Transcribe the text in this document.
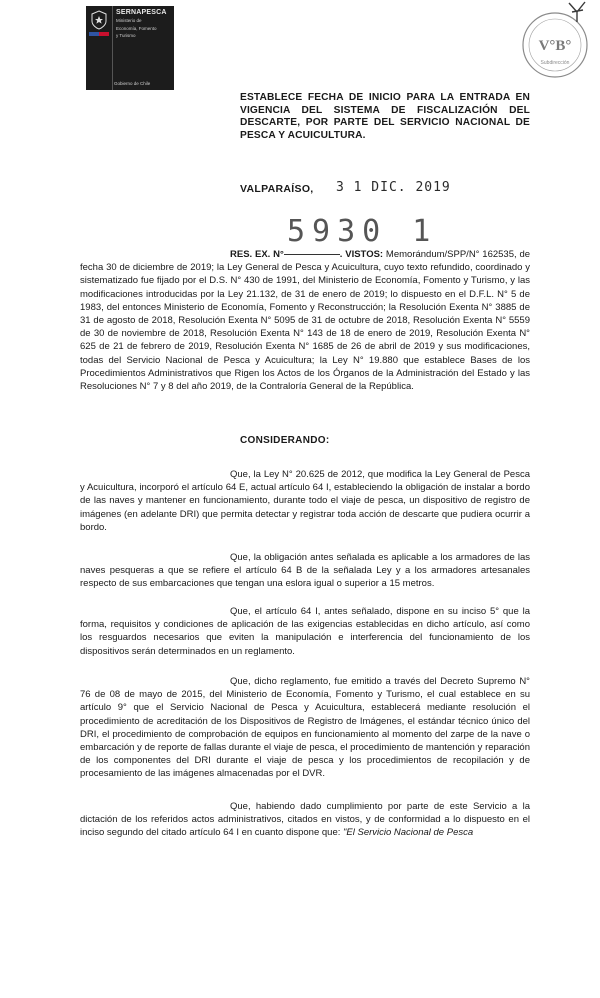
SERNAPESCA
Ministerio de
Economía, Fomento
y Turismo
Gobierno de Chile
V°B°
Subdirección
ESTABLECE FECHA DE INICIO PARA LA ENTRADA EN VIGENCIA DEL SISTEMA DE FISCALIZACIÓN DEL DESCARTE, POR PARTE DEL SERVICIO NACIONAL DE PESCA Y ACUICULTURA.
VALPARAÍSO, 3 1 DIC. 2019
5930 1

RES. EX. N°	. VISTOS: Memorándum/SPP/N° 162535, de fecha 30 de diciembre de 2019; la Ley General de Pesca y Acuicultura, cuyo texto refundido, coordinado y sistematizado fue fijado por el D.S. N° 430 de 1991, del Ministerio de Economía, Fomento y Turismo, y las modificaciones introducidas por la Ley 21.132, de 31 de enero de 2019; lo dispuesto en el D.F.L. N° 5 de 1983, del entonces Ministerio de Economía, Fomento y Reconstrucción; la Resolución Exenta N° 3885 de 31 de agosto de 2018, Resolución Exenta N° 5095 de 31 de octubre de 2018, Resolución Exenta N° 5559 de 30 de noviembre de 2018, Resolución Exenta N° 143 de 18 de enero de 2019, Resolución Exenta N° 625 de 21 de febrero de 2019, Resolución Exenta N° 1685 de 26 de abril de 2019 y sus modificaciones, todas del Servicio Nacional de Pesca y Acuicultura; la Ley N° 19.880 que establece Bases de los Procedimientos Administrativos que Rigen los Actos de los Órganos de la Administración del Estado y las Resoluciones N° 7 y 8 del año 2019, de la Contraloría General de la República.

CONSIDERANDO:

Que, la Ley N° 20.625 de 2012, que modifica la Ley General de Pesca y Acuicultura, incorporó el artículo 64 E, actual artículo 64 I, estableciendo la obligación de instalar a bordo de las naves y mantener en funcionamiento, durante todo el viaje de pesca, un dispositivo de registro de imágenes (en adelante DRI) que permita detectar y registrar toda acción de descarte que pudiera ocurrir a bordo.

Que, la obligación antes señalada es aplicable a los armadores de las naves pesqueras a que se refiere el artículo 64 B de la señalada Ley y a los armadores artesanales respecto de sus embarcaciones que tengan una eslora igual o superior a 15 metros.

Que, el artículo 64 I, antes señalado, dispone en su inciso 5° que la forma, requisitos y condiciones de aplicación de las exigencias establecidas en dicho artículo, así como los resguardos necesarios que eviten la manipulación e interferencia del funcionamiento de los dispositivos serán determinados en un reglamento.

Que, dicho reglamento, fue emitido a través del Decreto Supremo N° 76 de 08 de mayo de 2015, del Ministerio de Economía, Fomento y Turismo, el cual establece en su artículo 9° que el Servicio Nacional de Pesca y Acuicultura, establecerá mediante resolución el procedimiento de acreditación de los Dispositivos de Registro de Imágenes, el estándar técnico único del DRI, el procedimiento de comprobación de equipos en funcionamiento al momento del zarpe de la nave o embarcación y de reporte de fallas durante el viaje de pesca, el procedimiento de mantención y reparación de los componentes del DRI durante el viaje de pesca y los procedimientos de recopilación y de procesamiento de las imágenes almacenadas por el DVR.

Que, habiendo dado cumplimiento por parte de este Servicio a la dictación de los referidos actos administrativos, citados en vistos, y de conformidad a lo dispuesto en el inciso segundo del citado artículo 64 I en cuanto dispone que: "El Servicio Nacional de Pesca
